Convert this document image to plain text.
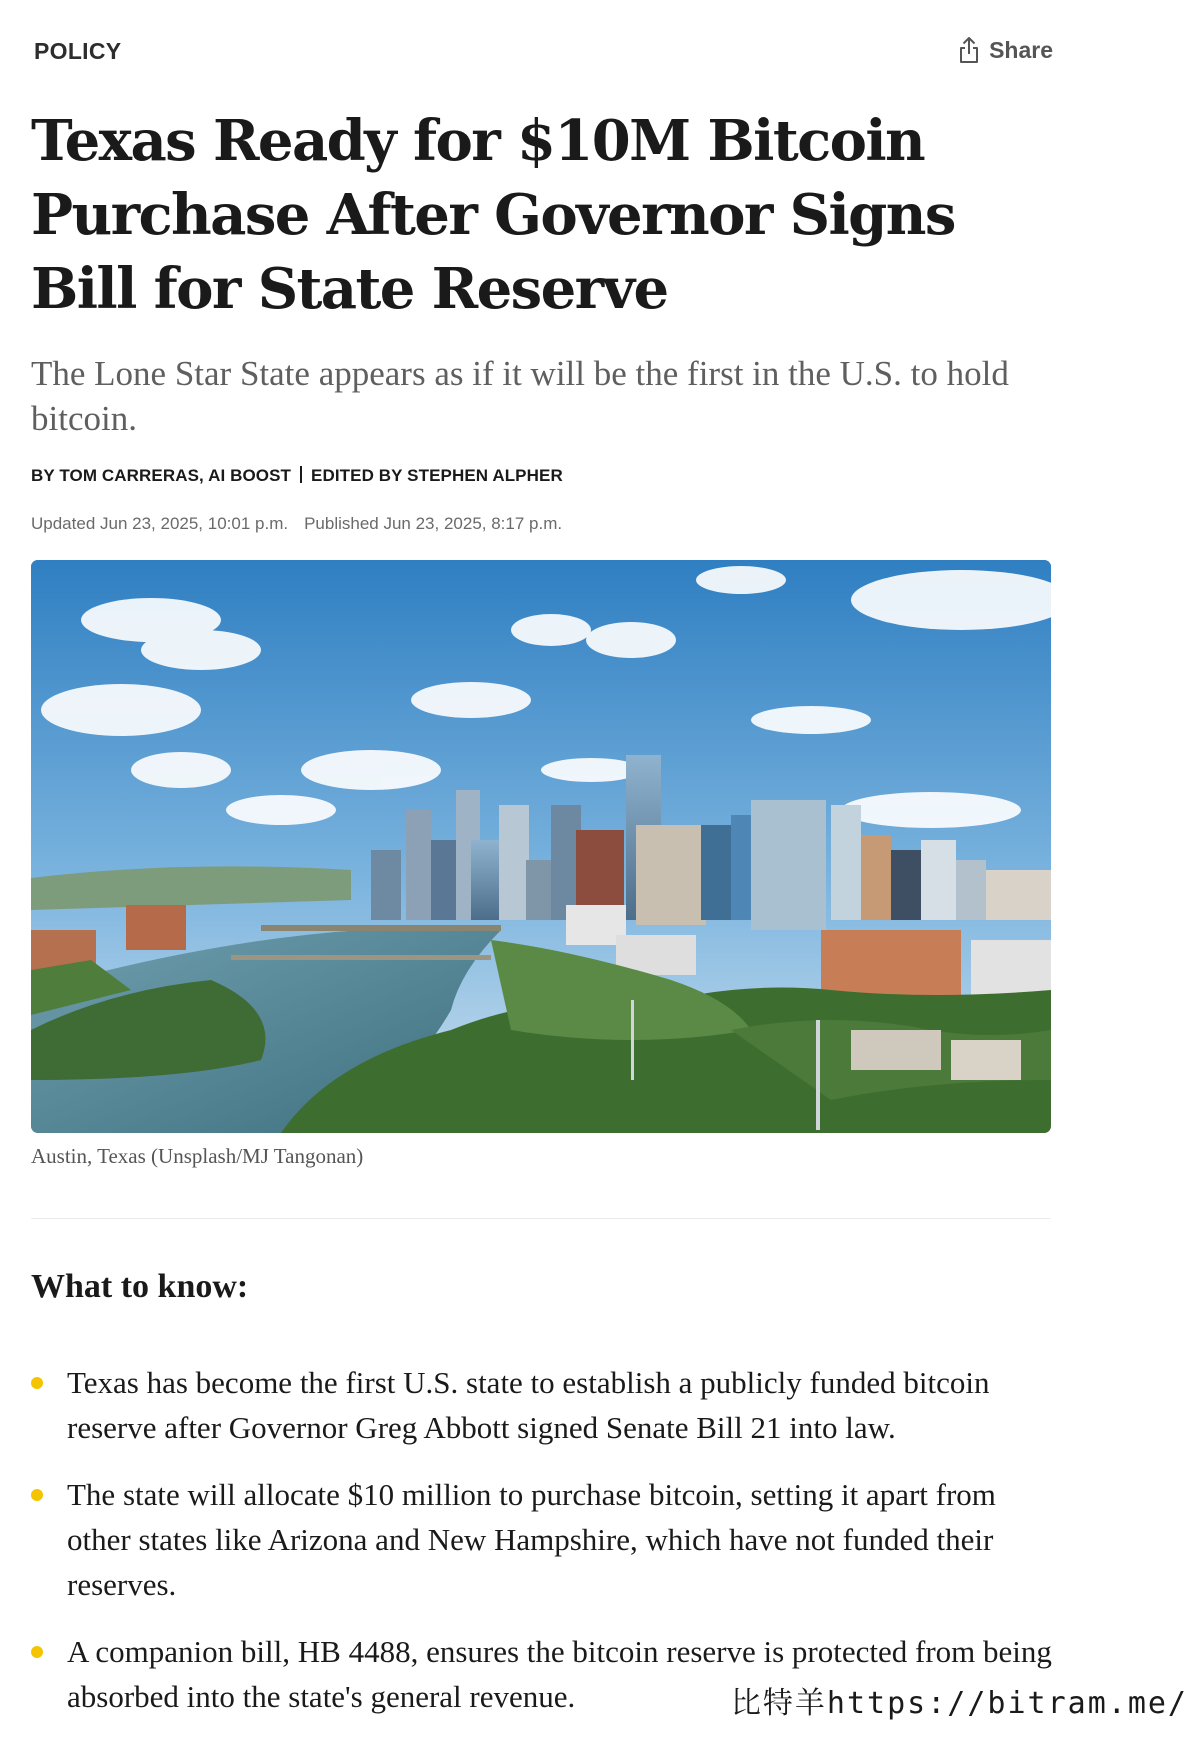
POLICY	Share
Texas Ready for $10M Bitcoin Purchase After Governor Signs Bill for State Reserve

The Lone Star State appears as if it will be the first in the U.S. to hold bitcoin.

BY TOM CARRERAS, AI BOOST EDITED BY STEPHEN ALPHER
Updated Jun 23, 2025, 10:01 p.m. Published Jun 23, 2025, 8:17 p.m.
Austin, Texas (Unsplash/MJ Tangonan)
What to know:
Texas has become the first U.S. state to establish a publicly funded bitcoin reserve after Governor Greg Abbott signed Senate Bill 21 into law.
The state will allocate $10 million to purchase bitcoin, setting it apart from other states like Arizona and New Hampshire, which have not funded their reserves.
A companion bill, HB 4488, ensures the bitcoin reserve is protected from being absorbed into the state's general revenue.	比特羊https://bitram.me/
